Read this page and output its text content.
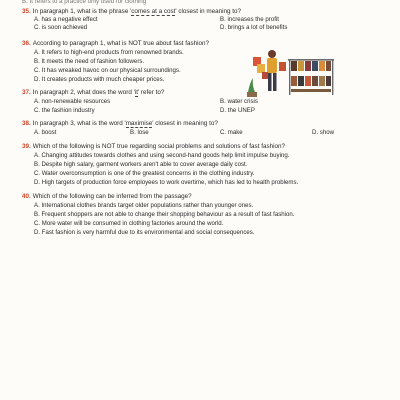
B. It refers to a practice only used for clothing
35. In paragraph 1, what is the phrase 'comes at a cost' closest in meaning to?
A. has a negative effect	B. increases the profit
C. is soon achieved	D. brings a lot of benefits
36. According to paragraph 1, what is NOT true about fast fashion?
A. It refers to high-end products from renowned brands.
B. It meets the need of fashion followers.
C. It has wreaked havoc on our physical surroundings.
D. It creates products with much cheaper prices.
37. In paragraph 2, what does the word 'it' refer to?
A. non-renewable resources	B. water crisis
C. the fashion industry	D. the UNEP
38. In paragraph 3, what is the word 'maximise' closest in meaning to?
A. boost	B. lose	C. make	D. show
39. Which of the following is NOT true regarding social problems and solutions of fast fashion?
A. Changing attitudes towards clothes and using second-hand goods help limit impulse buying.
B. Despite high salary, garment workers aren't able to cover average daily cost.
C. Water overconsumption is one of the greatest concerns in the clothing industry.
D. High targets of production force employees to work overtime, which has led to health problems.
40. Which of the following can be inferred from the passage?
A. International clothes brands target older populations rather than younger ones.
B. Frequent shoppers are not able to change their shopping behaviour as a result of fast fashion.
C. More water will be consumed in clothing factories around the world.
D. Fast fashion is very harmful due to its environmental and social consequences.
